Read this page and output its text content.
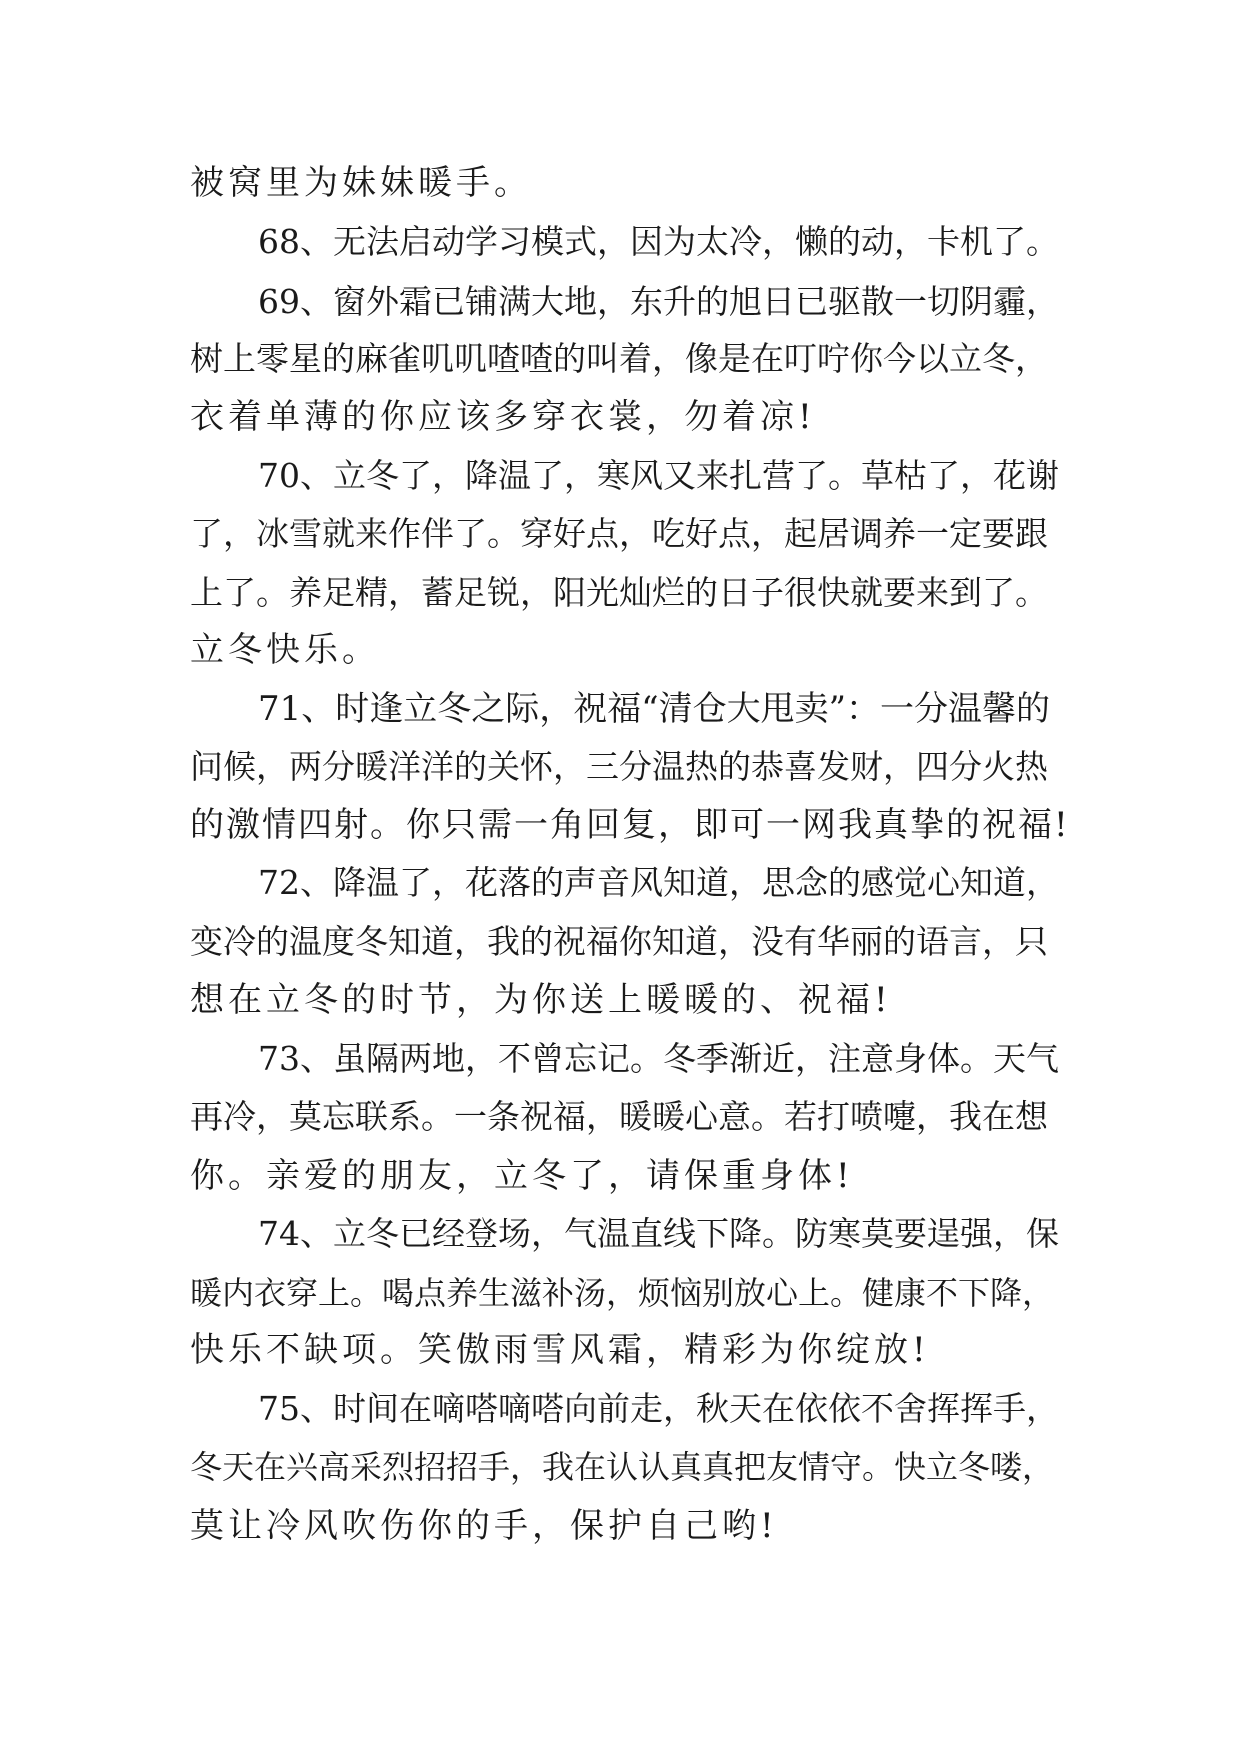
被窝里为妹妹暖手。
68、无法启动学习模式，因为太冷，懒的动，卡机了。
69、窗外霜已铺满大地，东升的旭日已驱散一切阴霾，
树上零星的麻雀叽叽喳喳的叫着，像是在叮咛你今以立冬，
衣着单薄的你应该多穿衣裳，勿着凉!
70、立冬了，降温了，寒风又来扎营了。草枯了，花谢
了，冰雪就来作伴了。穿好点，吃好点，起居调养一定要跟
上了。养足精，蓄足锐，阳光灿烂的日子很快就要来到了。
立冬快乐。
71、时逢立冬之际，祝福“清仓大甩卖”：一分温馨的
问候，两分暖洋洋的关怀，三分温热的恭喜发财，四分火热
的激情四射。你只需一角回复，即可一网我真挚的祝福!
72、降温了，花落的声音风知道，思念的感觉心知道，
变冷的温度冬知道，我的祝福你知道，没有华丽的语言，只
想在立冬的时节，为你送上暖暖的、祝福!
73、虽隔两地，不曾忘记。冬季渐近，注意身体。天气
再冷，莫忘联系。一条祝福，暖暖心意。若打喷嚏，我在想
你。亲爱的朋友，立冬了，请保重身体!
74、立冬已经登场，气温直线下降。防寒莫要逞强，保
暖内衣穿上。喝点养生滋补汤，烦恼别放心上。健康不下降，
快乐不缺项。笑傲雨雪风霜，精彩为你绽放!
75、时间在嘀嗒嘀嗒向前走，秋天在依依不舍挥挥手，
冬天在兴高采烈招招手，我在认认真真把友情守。快立冬喽，
莫让冷风吹伤你的手，保护自己哟!
